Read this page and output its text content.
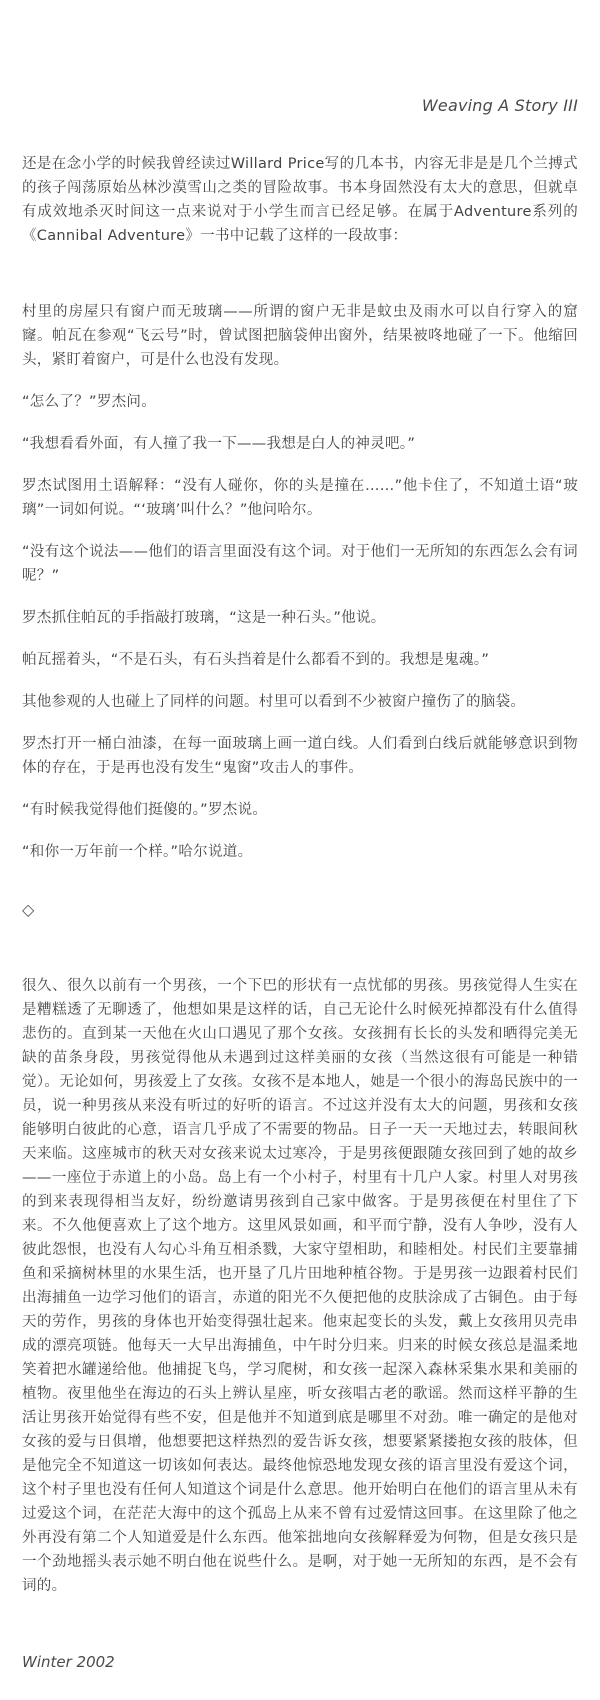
Weaving A Story III

还是在念小学的时候我曾经读过Willard Price写的几本书，内容无非是是几个兰搏式的孩子闯荡原始丛林沙漠雪山之类的冒险故事。书本身固然没有太大的意思，但就卓有成效地杀灭时间这一点来说对于小学生而言已经足够。在属于Adventure系列的《Cannibal Adventure》一书中记载了这样的一段故事：

村里的房屋只有窗户而无玻璃——所谓的窗户无非是蚊虫及雨水可以自行穿入的窟窿。帕瓦在参观“飞云号”时，曾试图把脑袋伸出窗外，结果被咚地碰了一下。他缩回头，紧盯着窗户，可是什么也没有发现。

“怎么了？”罗杰问。

“我想看看外面，有人撞了我一下——我想是白人的神灵吧。”

罗杰试图用土语解释：“没有人碰你，你的头是撞在……”他卡住了，不知道土语“玻璃”一词如何说。“‘玻璃’叫什么？”他问哈尔。

“没有这个说法——他们的语言里面没有这个词。对于他们一无所知的东西怎么会有词呢？”

罗杰抓住帕瓦的手指敲打玻璃，“这是一种石头。”他说。

帕瓦摇着头，“不是石头，有石头挡着是什么都看不到的。我想是鬼魂。”

其他参观的人也碰上了同样的问题。村里可以看到不少被窗户撞伤了的脑袋。

罗杰打开一桶白油漆，在每一面玻璃上画一道白线。人们看到白线后就能够意识到物体的存在，于是再也没有发生“鬼窗”攻击人的事件。

“有时候我觉得他们挺傻的。”罗杰说。

“和你一万年前一个样。”哈尔说道。

◇

很久、很久以前有一个男孩，一个下巴的形状有一点忧郁的男孩。男孩觉得人生实在是糟糕透了无聊透了，他想如果是这样的话，自己无论什么时候死掉都没有什么值得悲伤的。直到某一天他在火山口遇见了那个女孩。女孩拥有长长的头发和晒得完美无缺的苗条身段，男孩觉得他从未遇到过这样美丽的女孩（当然这很有可能是一种错觉）。无论如何，男孩爱上了女孩。女孩不是本地人，她是一个很小的海岛民族中的一员，说一种男孩从来没有听过的好听的语言。不过这并没有太大的问题，男孩和女孩能够明白彼此的心意，语言几乎成了不需要的物品。日子一天一天地过去，转眼间秋天来临。这座城市的秋天对女孩来说太过寒冷，于是男孩便跟随女孩回到了她的故乡——一座位于赤道上的小岛。岛上有一个小村子，村里有十几户人家。村里人对男孩的到来表现得相当友好，纷纷邀请男孩到自己家中做客。于是男孩便在村里住了下来。不久他便喜欢上了这个地方。这里风景如画，和平而宁静，没有人争吵，没有人彼此怨恨，也没有人勾心斗角互相杀戮，大家守望相助，和睦相处。村民们主要靠捕鱼和采摘树林里的水果生活，也开垦了几片田地种植谷物。于是男孩一边跟着村民们出海捕鱼一边学习他们的语言，赤道的阳光不久便把他的皮肤涂成了古铜色。由于每天的劳作，男孩的身体也开始变得强壮起来。他束起变长的头发，戴上女孩用贝壳串成的漂亮项链。他每天一大早出海捕鱼，中午时分归来。归来的时候女孩总是温柔地笑着把水罐递给他。他捕捉飞鸟，学习爬树，和女孩一起深入森林采集水果和美丽的植物。夜里他坐在海边的石头上辨认星座，听女孩唱古老的歌谣。然而这样平静的生活让男孩开始觉得有些不安，但是他并不知道到底是哪里不对劲。唯一确定的是他对女孩的爱与日俱增，他想要把这样热烈的爱告诉女孩，想要紧紧搂抱女孩的肢体，但是他完全不知道这一切该如何表达。最终他惊恐地发现女孩的语言里没有爱这个词，这个村子里也没有任何人知道这个词是什么意思。他开始明白在他们的语言里从未有过爱这个词，在茫茫大海中的这个孤岛上从来不曾有过爱情这回事。在这里除了他之外再没有第二个人知道爱是什么东西。他笨拙地向女孩解释爱为何物，但是女孩只是一个劲地摇头表示她不明白他在说些什么。是啊，对于她一无所知的东西，是不会有词的。

Winter 2002
